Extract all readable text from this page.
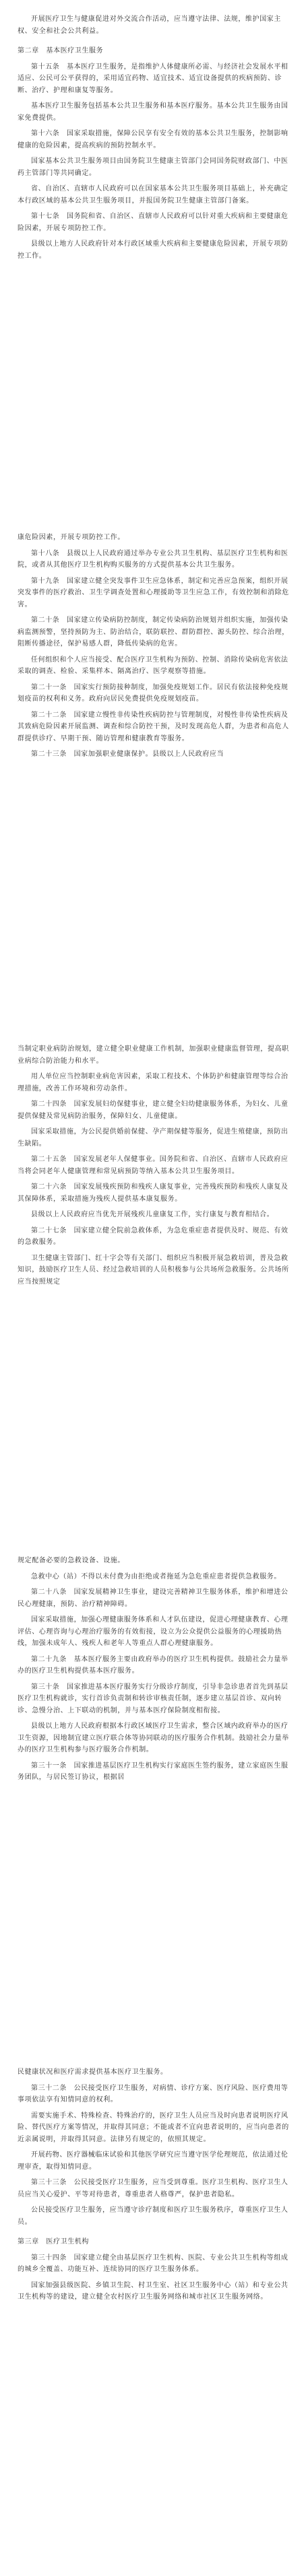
开展医疗卫生与健康促进对外交流合作活动，应当遵守法律、法规，维护国家主权、安全和社会公共利益。

第二章　基本医疗卫生服务

第十五条　基本医疗卫生服务，是指维护人体健康所必需、与经济社会发展水平相适应、公民可公平获得的，采用适宜药物、适宜技术、适宜设备提供的疾病预防、诊断、治疗、护理和康复等服务。

基本医疗卫生服务包括基本公共卫生服务和基本医疗服务。基本公共卫生服务由国家免费提供。

第十六条　国家采取措施，保障公民享有安全有效的基本公共卫生服务，控制影响健康的危险因素，提高疾病的预防控制水平。

国家基本公共卫生服务项目由国务院卫生健康主管部门会同国务院财政部门、中医药主管部门等共同确定。

省、自治区、直辖市人民政府可以在国家基本公共卫生服务项目基础上，补充确定本行政区域的基本公共卫生服务项目，并报国务院卫生健康主管部门备案。

第十七条　国务院和省、自治区、直辖市人民政府可以针对重大疾病和主要健康危险因素，开展专项防控工作。

县级以上地方人民政府针对本行政区域重大疾病和主要健康危险因素，开展专项防控工作。

康危险因素，开展专项防控工作。

第十八条　县级以上人民政府通过举办专业公共卫生机构、基层医疗卫生机构和医院，或者从其他医疗卫生机构购买服务的方式提供基本公共卫生服务。

第十九条　国家建立健全突发事件卫生应急体系，制定和完善应急预案，组织开展突发事件的医疗救治、卫生学调查处置和心理援助等卫生应急工作，有效控制和消除危害。

第二十条　国家建立传染病防控制度，制定传染病防治规划并组织实施，加强传染病监测预警，坚持预防为主、防治结合，联防联控、群防群控、源头防控、综合治理，阻断传播途径，保护易感人群，降低传染病的危害。

任何组织和个人应当接受、配合医疗卫生机构为预防、控制、消除传染病危害依法采取的调查、检验、采集样本、隔离治疗、医学观察等措施。

第二十一条　国家实行预防接种制度，加强免疫规划工作。居民有依法接种免疫规划疫苗的权利和义务。政府向居民免费提供免疫规划疫苗。

第二十二条　国家建立慢性非传染性疾病防控与管理制度，对慢性非传染性疾病及其致病危险因素开展监测、调查和综合防控干预，及时发现高危人群，为患者和高危人群提供诊疗、早期干预、随访管理和健康教育等服务。

第二十三条　国家加强职业健康保护。县级以上人民政府应当

当制定职业病防治规划，建立健全职业健康工作机制，加强职业健康监督管理，提高职业病综合防治能力和水平。

用人单位应当控制职业病危害因素，采取工程技术、个体防护和健康管理等综合治理措施，改善工作环境和劳动条件。

第二十四条　国家发展妇幼保健事业，建立健全妇幼健康服务体系，为妇女、儿童提供保健及常见病防治服务，保障妇女、儿童健康。

国家采取措施，为公民提供婚前保健、孕产期保健等服务，促进生殖健康，预防出生缺陷。

第二十五条　国家发展老年人保健事业。国务院和省、自治区、直辖市人民政府应当将会同老年人健康管理和常见病预防等纳入基本公共卫生服务项目。

第二十六条　国家发展残疾预防和残疾人康复事业，完善残疾预防和残疾人康复及其保障体系，采取措施为残疾人提供基本康复服务。

县级以上人民政府应当优先开展残疾儿童康复工作，实行康复与教育相结合。

第二十七条　国家建立健全院前急救体系，为急危重症患者提供及时、规范、有效的急救服务。

卫生健康主管部门、红十字会等有关部门、组织应当积极开展急救培训，普及急救知识，鼓励医疗卫生人员、经过急救培训的人员积极参与公共场所急救服务。公共场所应当按照规定

规定配备必要的急救设备、设施。

急救中心（站）不得以未付费为由拒绝或者拖延为急危重症患者提供急救服务。

第二十八条　国家发展精神卫生事业，建设完善精神卫生服务体系，维护和增进公民心理健康，预防、治疗精神障碍。

国家采取措施，加强心理健康服务体系和人才队伍建设，促进心理健康教育、心理评估、心理咨询与心理治疗服务的有效衔接，设立为公众提供公益服务的心理援助热线，加强未成年人、残疾人和老年人等重点人群心理健康服务。

第二十九条　基本医疗服务主要由政府举办的医疗卫生机构提供。鼓励社会力量举办的医疗卫生机构提供基本医疗服务。

第三十条　国家推进基本医疗服务实行分级诊疗制度，引导非急诊患者首先到基层医疗卫生机构就诊，实行首诊负责制和转诊审核责任制，逐步建立基层首诊、双向转诊、急慢分治、上下联动的机制，并与基本医疗保险制度相衔接。

县级以上地方人民政府根据本行政区域医疗卫生需求，整合区域内政府举办的医疗卫生资源，因地制宜建立医疗联合体等协同联动的医疗服务合作机制。鼓励社会力量举办的医疗卫生机构参与医疗服务合作机制。

第三十一条　国家推进基层医疗卫生机构实行家庭医生签约服务，建立家庭医生服务团队，与居民签订协议，根据居

民健康状况和医疗需求提供基本医疗卫生服务。

第三十二条　公民接受医疗卫生服务，对病情、诊疗方案、医疗风险、医疗费用等事项依法享有知情同意的权利。

需要实施手术、特殊检查、特殊治疗的，医疗卫生人员应当及时向患者说明医疗风险、替代医疗方案等情况，并取得其同意；不能或者不宜向患者说明的，应当向患者的近亲属说明，并取得其同意。法律另有规定的，依照其规定。

开展药物、医疗器械临床试验和其他医学研究应当遵守医学伦理规范，依法通过伦理审查，取得知情同意。

第三十三条　公民接受医疗卫生服务，应当受到尊重。医疗卫生机构、医疗卫生人员应当关心爱护、平等对待患者，尊重患者人格尊严，保护患者隐私。

公民接受医疗卫生服务，应当遵守诊疗制度和医疗卫生服务秩序，尊重医疗卫生人员。

第三章　医疗卫生机构

第三十四条　国家建立健全由基层医疗卫生机构、医院、专业公共卫生机构等组成的城乡全覆盖、功能互补、连续协同的医疗卫生服务体系。

国家加强县级医院、乡镇卫生院、村卫生室、社区卫生服务中心（站）和专业公共卫生机构等的建设，建立健全农村医疗卫生服务网络和城市社区卫生服务网络。
